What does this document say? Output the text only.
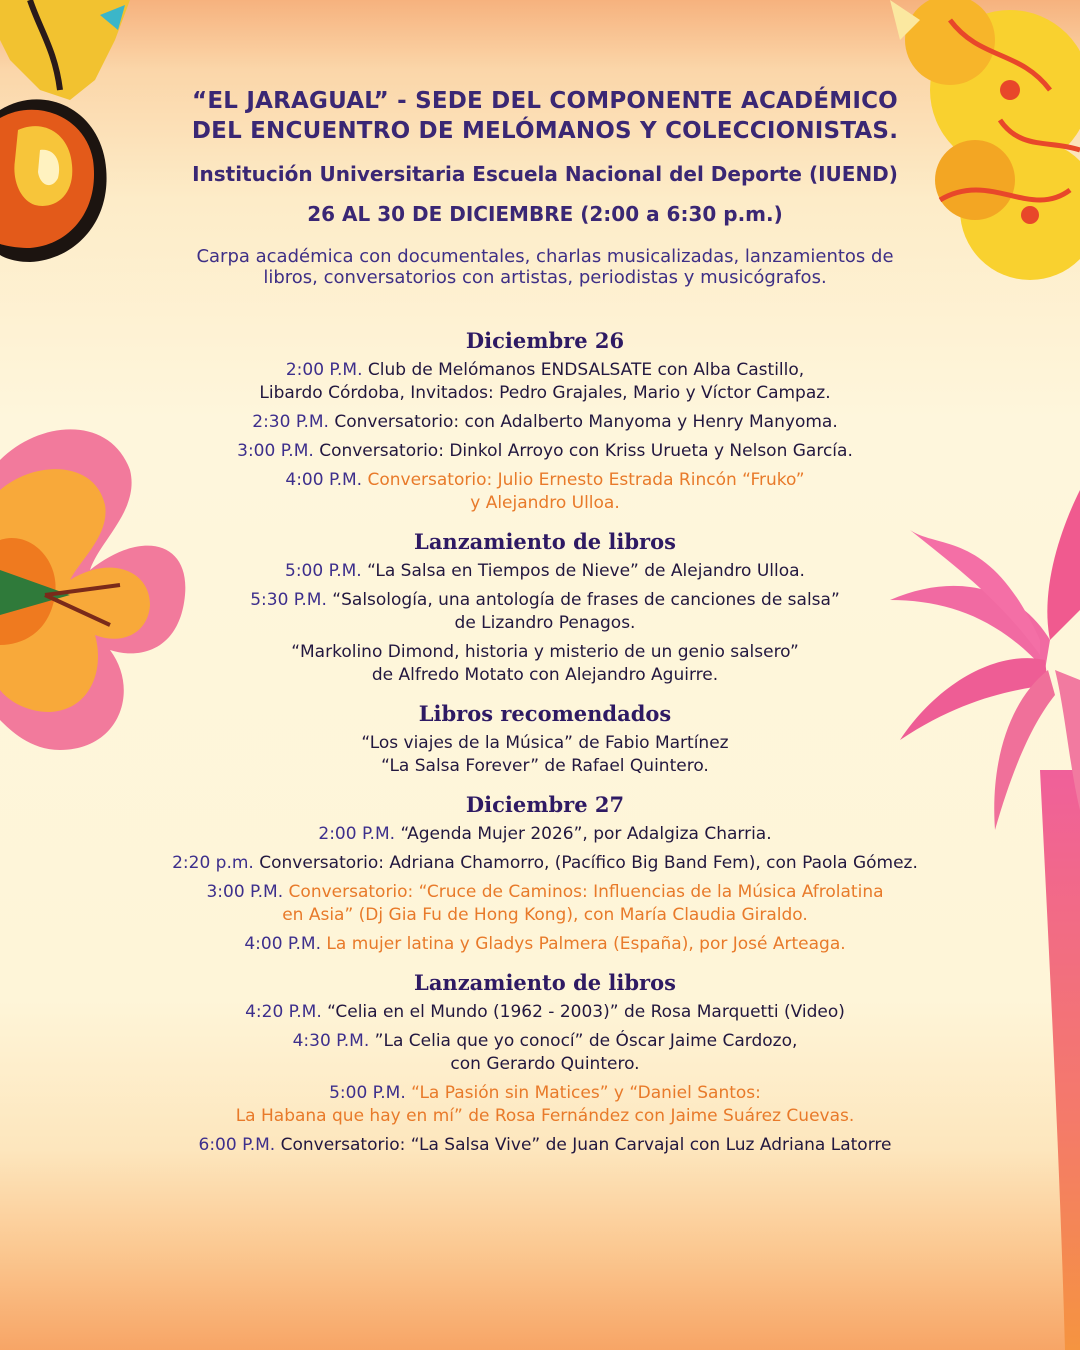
“EL JARAGUAL” - SEDE DEL COMPONENTE ACADÉMICO
DEL ENCUENTRO DE MELÓMANOS Y COLECCIONISTAS.
Institución Universitaria Escuela Nacional del Deporte (IUEND)
26 AL 30 DE DICIEMBRE (2:00 a 6:30 p.m.)
Carpa académica con documentales, charlas musicalizadas, lanzamientos de libros, conversatorios con artistas, periodistas y musicógrafos.
Diciembre 26
2:00 P.M. Club de Melómanos ENDSALSATE con Alba Castillo,
Libardo Córdoba, Invitados: Pedro Grajales, Mario y Víctor Campaz.
2:30 P.M. Conversatorio: con Adalberto Manyoma y Henry Manyoma.
3:00 P.M. Conversatorio: Dinkol Arroyo con Kriss Urueta y Nelson García.
4:00 P.M. Conversatorio: Julio Ernesto Estrada Rincón “Fruko”
y Alejandro Ulloa.
Lanzamiento de libros
5:00 P.M. “La Salsa en Tiempos de Nieve” de Alejandro Ulloa.
5:30 P.M. “Salsología, una antología de frases de canciones de salsa”
de Lizandro Penagos.
“Markolino Dimond, historia y misterio de un genio salsero”
de Alfredo Motato con Alejandro Aguirre.
Libros recomendados
“Los viajes de la Música” de Fabio Martínez
“La Salsa Forever” de Rafael Quintero.
Diciembre 27
2:00 P.M. “Agenda Mujer 2026”, por Adalgiza Charria.
2:20 p.m. Conversatorio: Adriana Chamorro, (Pacífico Big Band Fem), con Paola Gómez.
3:00 P.M. Conversatorio: “Cruce de Caminos: Influencias de la Música Afrolatina
en Asia” (Dj Gia Fu de Hong Kong), con María Claudia Giraldo.
4:00 P.M. La mujer latina y Gladys Palmera (España), por José Arteaga.
Lanzamiento de libros
4:20 P.M. “Celia en el Mundo (1962 - 2003)” de Rosa Marquetti (Video)
4:30 P.M. ”La Celia que yo conocí” de Óscar Jaime Cardozo,
con Gerardo Quintero.
5:00 P.M. “La Pasión sin Matices” y “Daniel Santos:
La Habana que hay en mí” de Rosa Fernández con Jaime Suárez Cuevas.
6:00 P.M. Conversatorio: “La Salsa Vive” de Juan Carvajal con Luz Adriana Latorre
